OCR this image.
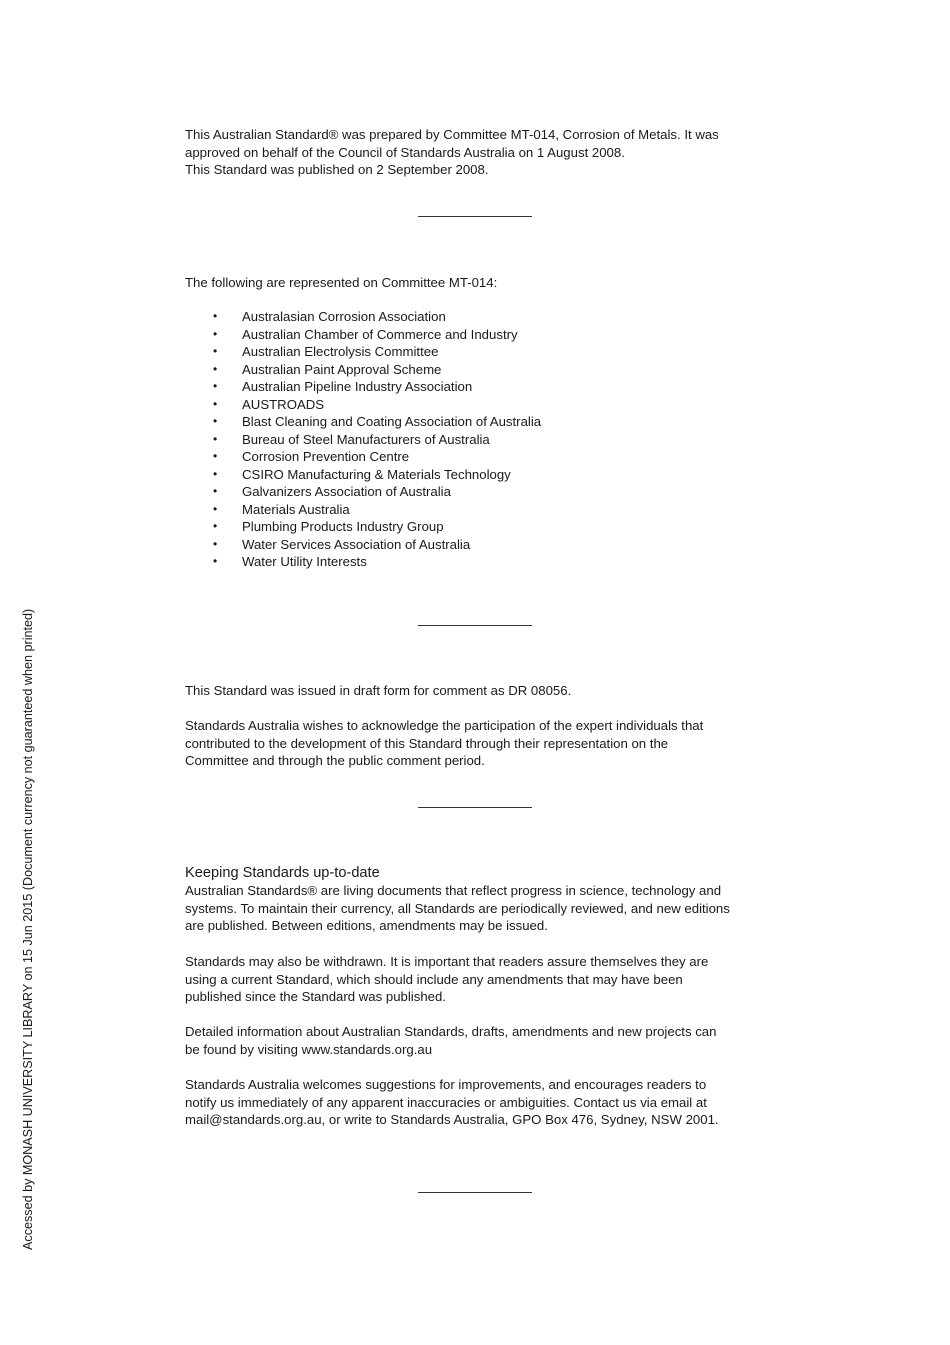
This Australian Standard® was prepared by Committee MT-014, Corrosion of Metals. It was

approved on behalf of the Council of Standards Australia on 1 August 2008.

This Standard was published on 2 September 2008.

The following are represented on Committee MT-014:

• Australasian Corrosion Association
• Australian Chamber of Commerce and Industry
• Australian Electrolysis Committee
• Australian Paint Approval Scheme
• Australian Pipeline Industry Association
• AUSTROADS
• Blast Cleaning and Coating Association of Australia
• Bureau of Steel Manufacturers of Australia
• Corrosion Prevention Centre
• CSIRO Manufacturing & Materials Technology
• Galvanizers Association of Australia
• Materials Australia
• Plumbing Products Industry Group
• Water Services Association of Australia
• Water Utility Interests

This Standard was issued in draft form for comment as DR 08056.

Standards Australia wishes to acknowledge the participation of the expert individuals that

contributed to the development of this Standard through their representation on the

Committee and through the public comment period.

Keeping Standards up-to-date

Australian Standards® are living documents that reflect progress in science, technology and

systems. To maintain their currency, all Standards are periodically reviewed, and new editions

are published. Between editions, amendments may be issued.

Standards may also be withdrawn. It is important that readers assure themselves they are

using a current Standard, which should include any amendments that may have been

published since the Standard was published.

Detailed information about Australian Standards, drafts, amendments and new projects can

be found by visiting www.standards.org.au

Standards Australia welcomes suggestions for improvements, and encourages readers to

notify us immediately of any apparent inaccuracies or ambiguities. Contact us via email at

mail@standards.org.au, or write to Standards Australia, GPO Box 476, Sydney, NSW 2001.

Accessed by MONASH UNIVERSITY LIBRARY on 15 Jun 2015 (Document currency not guaranteed when printed)
